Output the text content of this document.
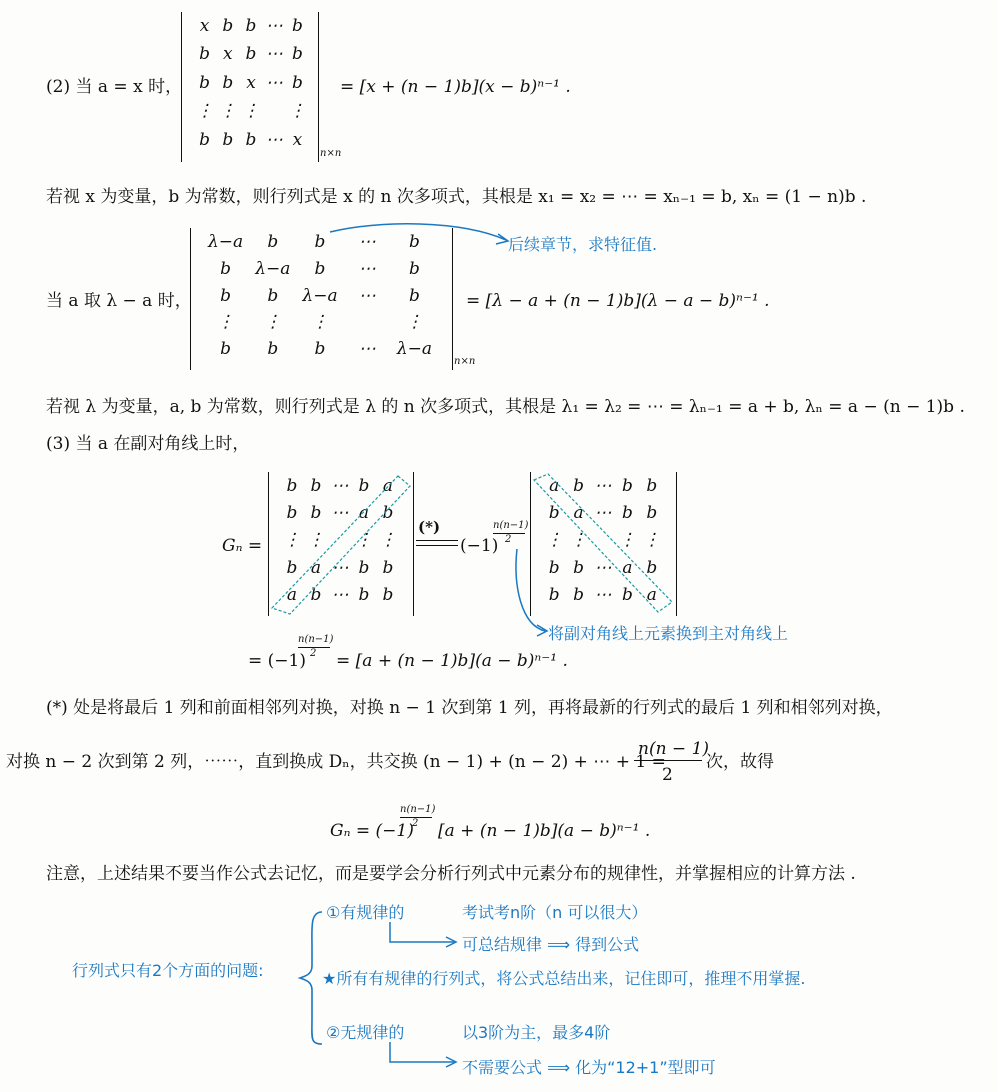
(2) 当 a = x 时，
x b b ⋯ b
b x b ⋯ b
b b x ⋯ b
⋮ ⋮ ⋮ ⋮
b b b ⋯ x
n×n
= [x + (n − 1)b](x − b)ⁿ⁻¹ .
若视 x 为变量，b 为常数，则行列式是 x 的 n 次多项式，其根是 x₁ = x₂ = ⋯ = xₙ₋₁ = b, xₙ = (1 − n)b .
当 a 取 λ − a 时，
λ−a b b ⋯ b
b λ−a b ⋯ b
b b λ−a ⋯ b
⋮ ⋮ ⋮	⋮
b b b ⋯ λ−a
n×n
= [λ − a + (n − 1)b](λ − a − b)ⁿ⁻¹ .
后续章节，求特征值.
若视 λ 为变量，a, b 为常数，则行列式是 λ 的 n 次多项式，其根是 λ₁ = λ₂ = ⋯ = λₙ₋₁ = a + b, λₙ = a − (n − 1)b .
(3) 当 a 在副对角线上时，
Gₙ =
b b ⋯ b a
b b ⋯ a b
⋮ ⋮ ⋮ ⋮
b a ⋯ b b
a b ⋯ b b
(*)
(−1)
n(n−1)
2
a b ⋯ b b
b a ⋯ b b
⋮ ⋮ ⋮ ⋮
b b ⋯ a b
b b ⋯ b a
将副对角线上元素换到主对角线上
= (−1)
n(n−1)
2 = [a + (n − 1)b](a − b)ⁿ⁻¹ .
(*) 处是将最后 1 列和前面相邻列对换，对换 n − 1 次到第 1 列，再将最新的行列式的最后 1 列和相邻列对换，
对换 n − 2 次到第 2 列，⋯⋯，直到换成 Dₙ，共交换 (n − 1) + (n − 2) + ⋯ + 1 =
n(n − 1)
2
次，故得
Gₙ = (−1)
n(n−1)
2 [a + (n − 1)b](a − b)ⁿ⁻¹ .
注意，上述结果不要当作公式去记忆，而是要学会分析行列式中元素分布的规律性，并掌握相应的计算方法 .
行列式只有2个方面的问题:
①有规律的	考试考n阶（n 可以很大）
可总结规律 ⟹ 得到公式
★所有有规律的行列式，将公式总结出来，记住即可，推理不用掌握.
②无规律的	以3阶为主，最多4阶
不需要公式 ⟹ 化为“12+1”型即可
